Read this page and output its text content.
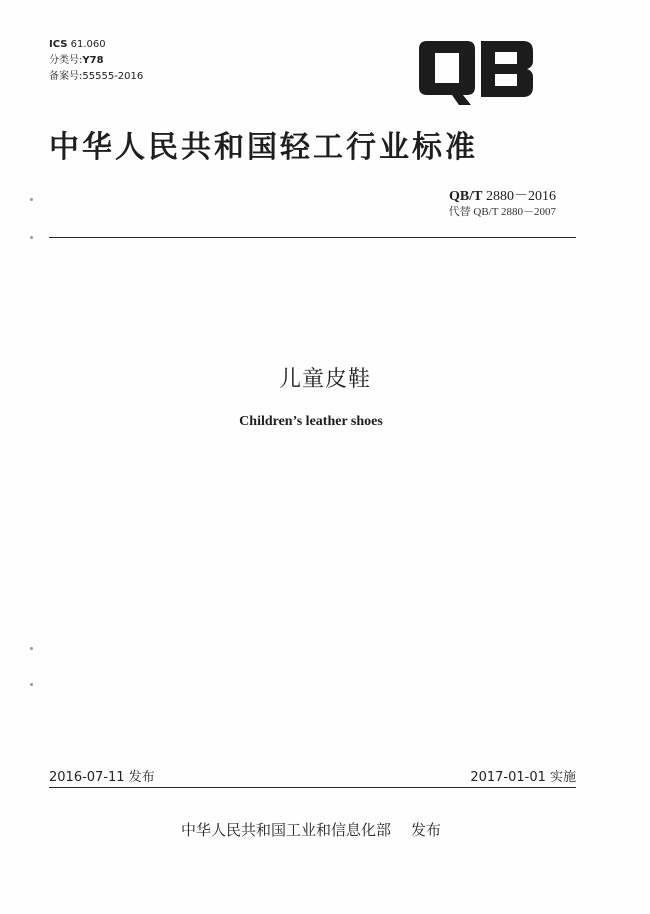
ICS 61.060
分类号:Y78
备案号:55555-2016
中华人民共和国轻工行业标准
QB/T 2880－2016
代替 QB/T 2880－2007
儿童皮鞋
Children’s leather shoes
2016-07-11 发布	2017-01-01 实施
中华人民共和国工业和信息化部 发布
